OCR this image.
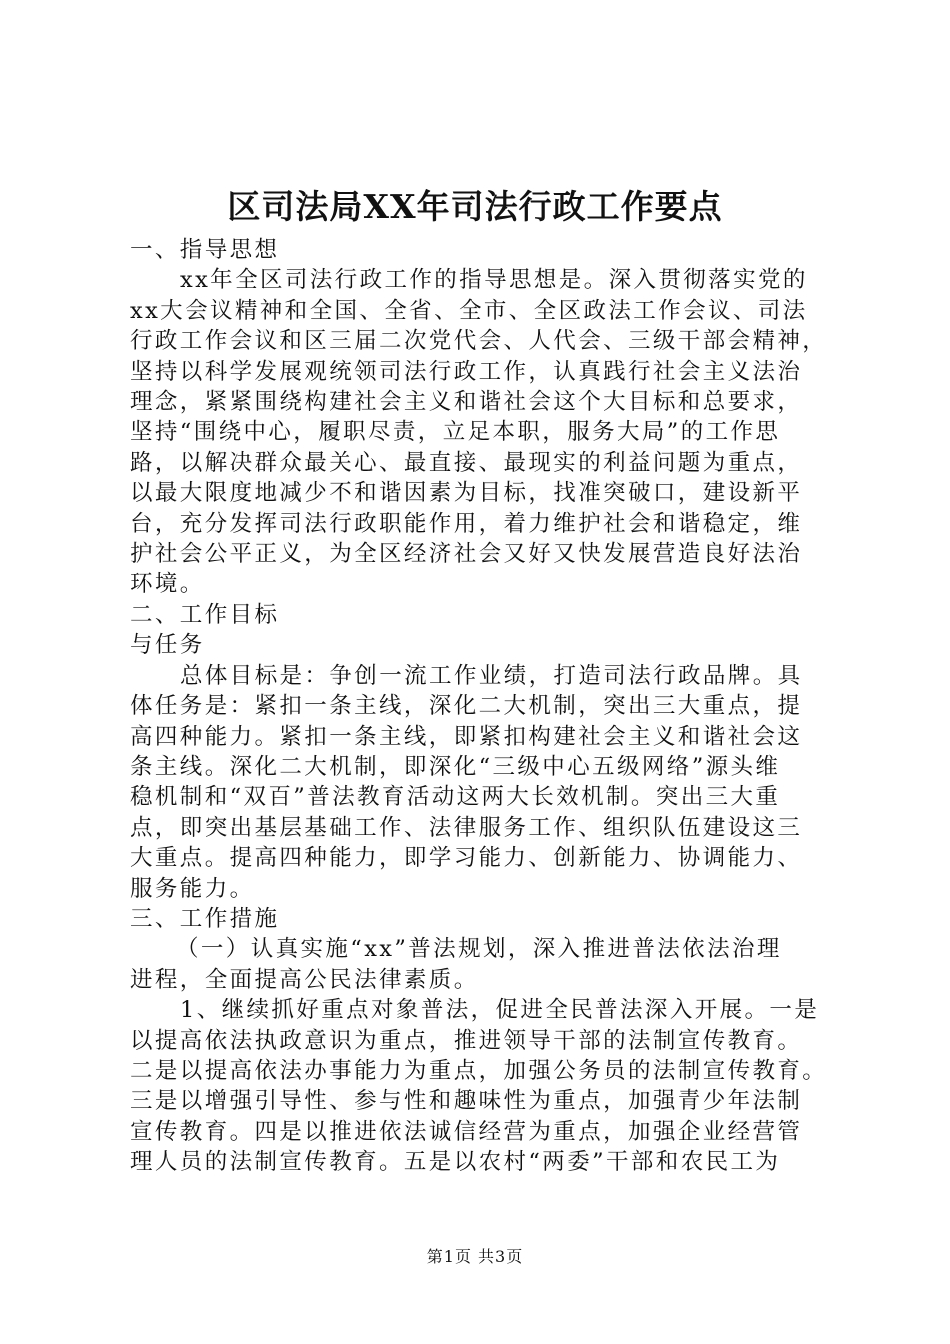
区司法局XX年司法行政工作要点

一、指导思想

xx年全区司法行政工作的指导思想是。深入贯彻落实党的
xx大会议精神和全国、全省、全市、全区政法工作会议、司法
行政工作会议和区三届二次党代会、人代会、三级干部会精神，
坚持以科学发展观统领司法行政工作，认真践行社会主义法治
理念，紧紧围绕构建社会主义和谐社会这个大目标和总要求，
坚持“围绕中心，履职尽责，立足本职，服务大局”的工作思
路，以解决群众最关心、最直接、最现实的利益问题为重点，
以最大限度地减少不和谐因素为目标，找准突破口，建设新平
台，充分发挥司法行政职能作用，着力维护社会和谐稳定，维
护社会公平正义，为全区经济社会又好又快发展营造良好法治
环境。

二、工作目标

与任务

总体目标是：争创一流工作业绩，打造司法行政品牌。具
体任务是：紧扣一条主线，深化二大机制，突出三大重点，提
高四种能力。紧扣一条主线，即紧扣构建社会主义和谐社会这
条主线。深化二大机制，即深化“三级中心五级网络”源头维
稳机制和“双百”普法教育活动这两大长效机制。突出三大重
点，即突出基层基础工作、法律服务工作、组织队伍建设这三
大重点。提高四种能力，即学习能力、创新能力、协调能力、
服务能力。

三、工作措施

（一）认真实施“xx”普法规划，深入推进普法依法治理
进程，全面提高公民法律素质。
1、继续抓好重点对象普法，促进全民普法深入开展。一是
以提高依法执政意识为重点，推进领导干部的法制宣传教育。
二是以提高依法办事能力为重点，加强公务员的法制宣传教育。
三是以增强引导性、参与性和趣味性为重点，加强青少年法制
宣传教育。四是以推进依法诚信经营为重点，加强企业经营管
理人员的法制宣传教育。五是以农村“两委”干部和农民工为
第1页 共3页
